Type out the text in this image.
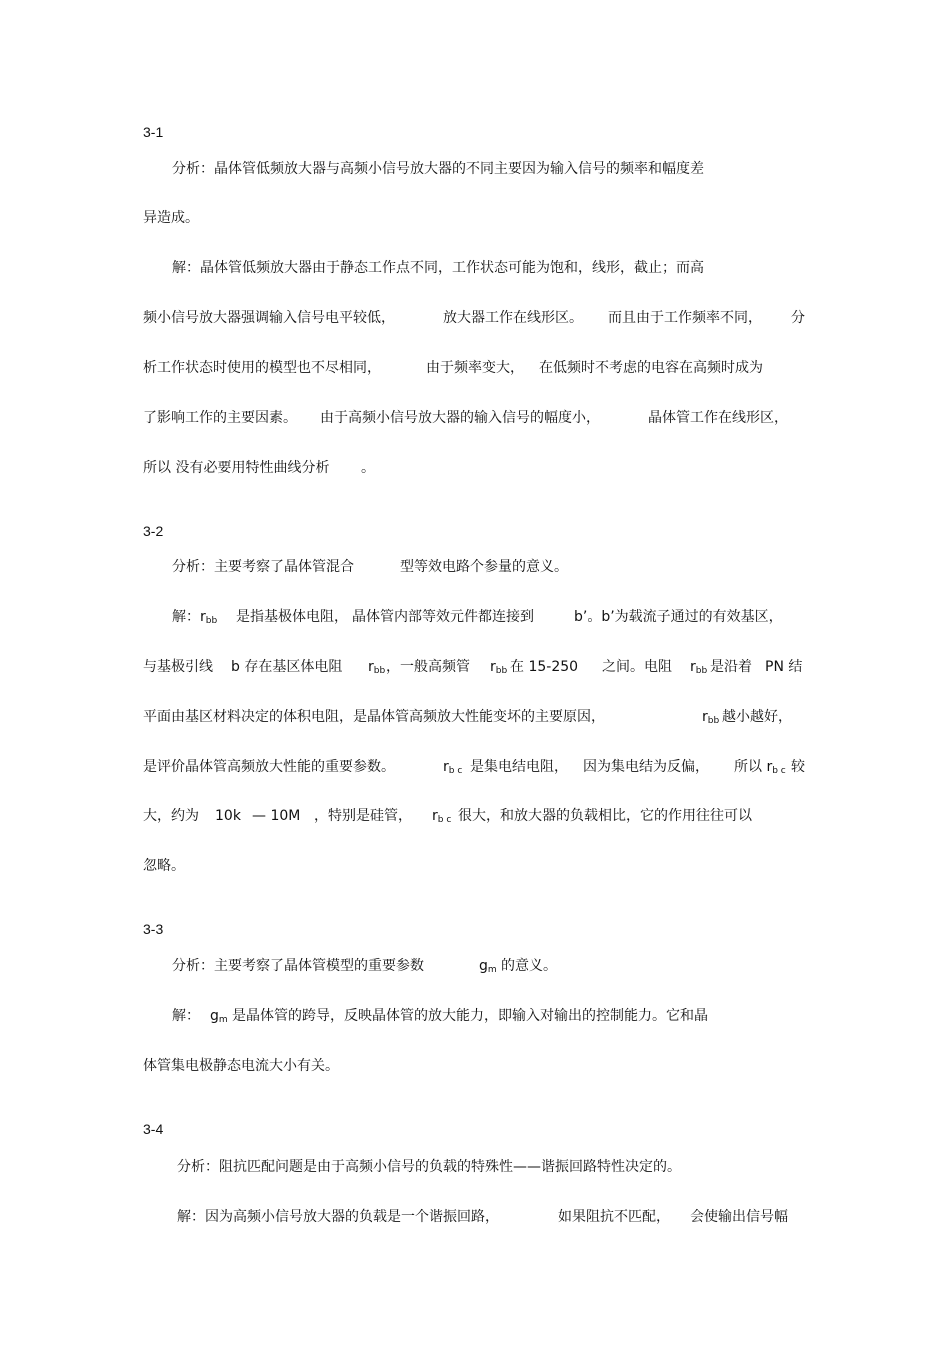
3-1

分析：晶体管低频放大器与高频小信号放大器的不同主要因为输入信号的频率和幅度差

异造成。

解：晶体管低频放大器由于静态工作点不同，工作状态可能为饱和，线形，截止；而高

频小信号放大器强调输入信号电平较低，

	放大器工作在线形区。

而且由于工作频率不同，

分

析工作状态时使用的模型也不尽相同，

	由于频率变大，

在低频时不考虑的电容在高频时成为

了影响工作的主要因素。

由于高频小信号放大器的输入信号的幅度小，

	晶体管工作在线形区，

所以 没有必要用特性曲线分析

。

3-2

分析：主要考察了晶体管混合

	型等效电路个参量的意义。

解：$r_{bb}$

是指基极体电阻，

晶体管内部等效元件都连接到

	b’。b’为载流子通过的有效基区，

与基极引线

b 存在基区体电阻

$r_{bb}$

，一般高频管

$r_{bb}$

在 15-250

之间。电阻

$r_{bb}$

是沿着

PN 结

平面由基区材料决定的体积电阻，是晶体管高频放大性能变坏的主要原因，

	$r_{bb}$

越小越好，

是评价晶体管高频放大性能的重要参数。

	$r_{b c}$

是集电结电阻，

因为集电结为反偏，

所以 $r_{b c}$

较

大，约为

10k

— 10M

，特别是硅管，

$r_{b c}$

很大，和放大器的负载相比，它的作用往往可以

忽略。

3-3

分析：主要考察了晶体管模型的重要参数

	$g_m$

的意义。

解：

$g_m$

是晶体管的跨导，反映晶体管的放大能力，即输入对输出的控制能力。它和晶

体管集电极静态电流大小有关。

3-4

分析：阻抗匹配问题是由于高频小信号的负载的特殊性——谐振回路特性决定的。

解：因为高频小信号放大器的负载是一个谐振回路，

	如果阻抗不匹配，

会使输出信号幅
